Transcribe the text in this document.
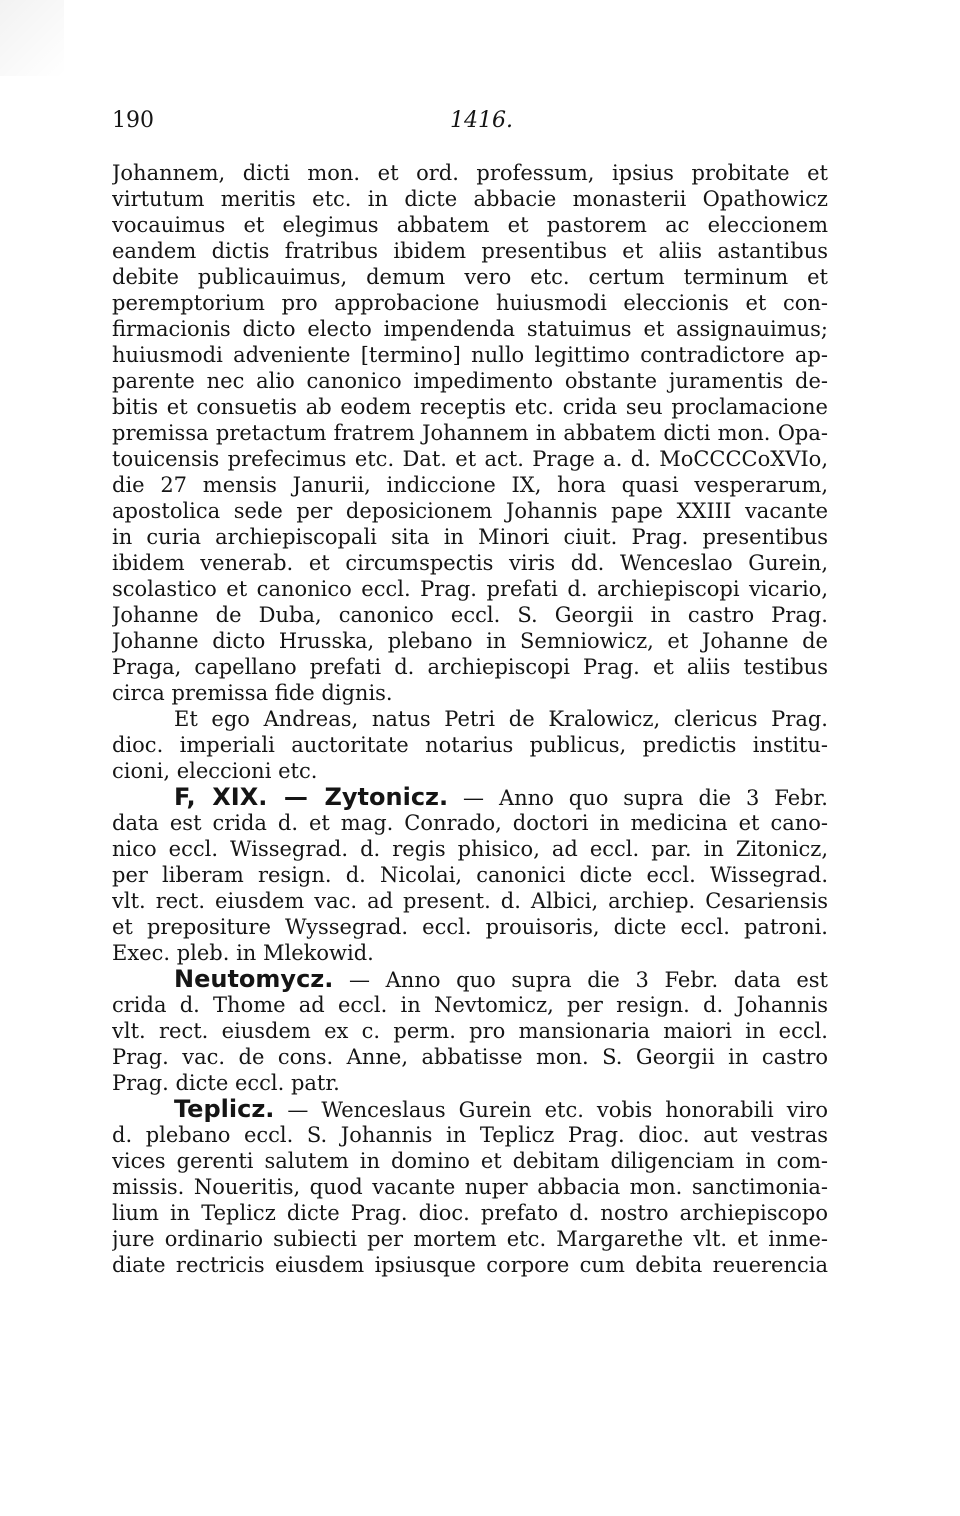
190	1416.
Johannem, dicti mon. et ord. professum, ipsius probitate et
virtutum meritis etc. in dicte abbacie monasterii Opathowicz
vocauimus et elegimus abbatem et pastorem ac eleccionem
eandem dictis fratribus ibidem presentibus et aliis astantibus
debite publicauimus, demum vero etc. certum terminum et
peremptorium pro approbacione huiusmodi eleccionis et con-
firmacionis dicto electo impendenda statuimus et assignauimus;
huiusmodi adveniente [termino] nullo legittimo contradictore ap-
parente nec alio canonico impedimento obstante juramentis de-
bitis et consuetis ab eodem receptis etc. crida seu proclamacione
premissa pretactum fratrem Johannem in abbatem dicti mon. Opa-
touicensis prefecimus etc. Dat. et act. Prage a. d. MoCCCCoXVIo,
die 27 mensis Janurii, indiccione IX, hora quasi vesperarum,
apostolica sede per deposicionem Johannis pape XXIII vacante
in curia archiepiscopali sita in Minori ciuit. Prag. presentibus
ibidem venerab. et circumspectis viris dd. Wenceslao Gurein,
scolastico et canonico eccl. Prag. prefati d. archiepiscopi vicario,
Johanne de Duba, canonico eccl. S. Georgii in castro Prag.
Johanne dicto Hrusska, plebano in Semniowicz, et Johanne de
Praga, capellano prefati d. archiepiscopi Prag. et aliis testibus
circa premissa fide dignis.
Et ego Andreas, natus Petri de Kralowicz, clericus Prag.
dioc. imperiali auctoritate notarius publicus, predictis institu-
cioni, eleccioni etc.
F, XIX. — Zytonicz. — Anno quo supra die 3 Febr.
data est crida d. et mag. Conrado, doctori in medicina et cano-
nico eccl. Wissegrad. d. regis phisico, ad eccl. par. in Zitonicz,
per liberam resign. d. Nicolai, canonici dicte eccl. Wissegrad.
vlt. rect. eiusdem vac. ad present. d. Albici, archiep. Cesariensis
et prepositure Wyssegrad. eccl. prouisoris, dicte eccl. patroni.
Exec. pleb. in Mlekowid.
Neutomycz. — Anno quo supra die 3 Febr. data est
crida d. Thome ad eccl. in Nevtomicz, per resign. d. Johannis
vlt. rect. eiusdem ex c. perm. pro mansionaria maiori in eccl.
Prag. vac. de cons. Anne, abbatisse mon. S. Georgii in castro
Prag. dicte eccl. patr.
Teplicz. — Wenceslaus Gurein etc. vobis honorabili viro
d. plebano eccl. S. Johannis in Teplicz Prag. dioc. aut vestras
vices gerenti salutem in domino et debitam diligenciam in com-
missis. Noueritis, quod vacante nuper abbacia mon. sanctimonia-
lium in Teplicz dicte Prag. dioc. prefato d. nostro archiepiscopo
jure ordinario subiecti per mortem etc. Margarethe vlt. et inme-
diate rectricis eiusdem ipsiusque corpore cum debita reuerencia
